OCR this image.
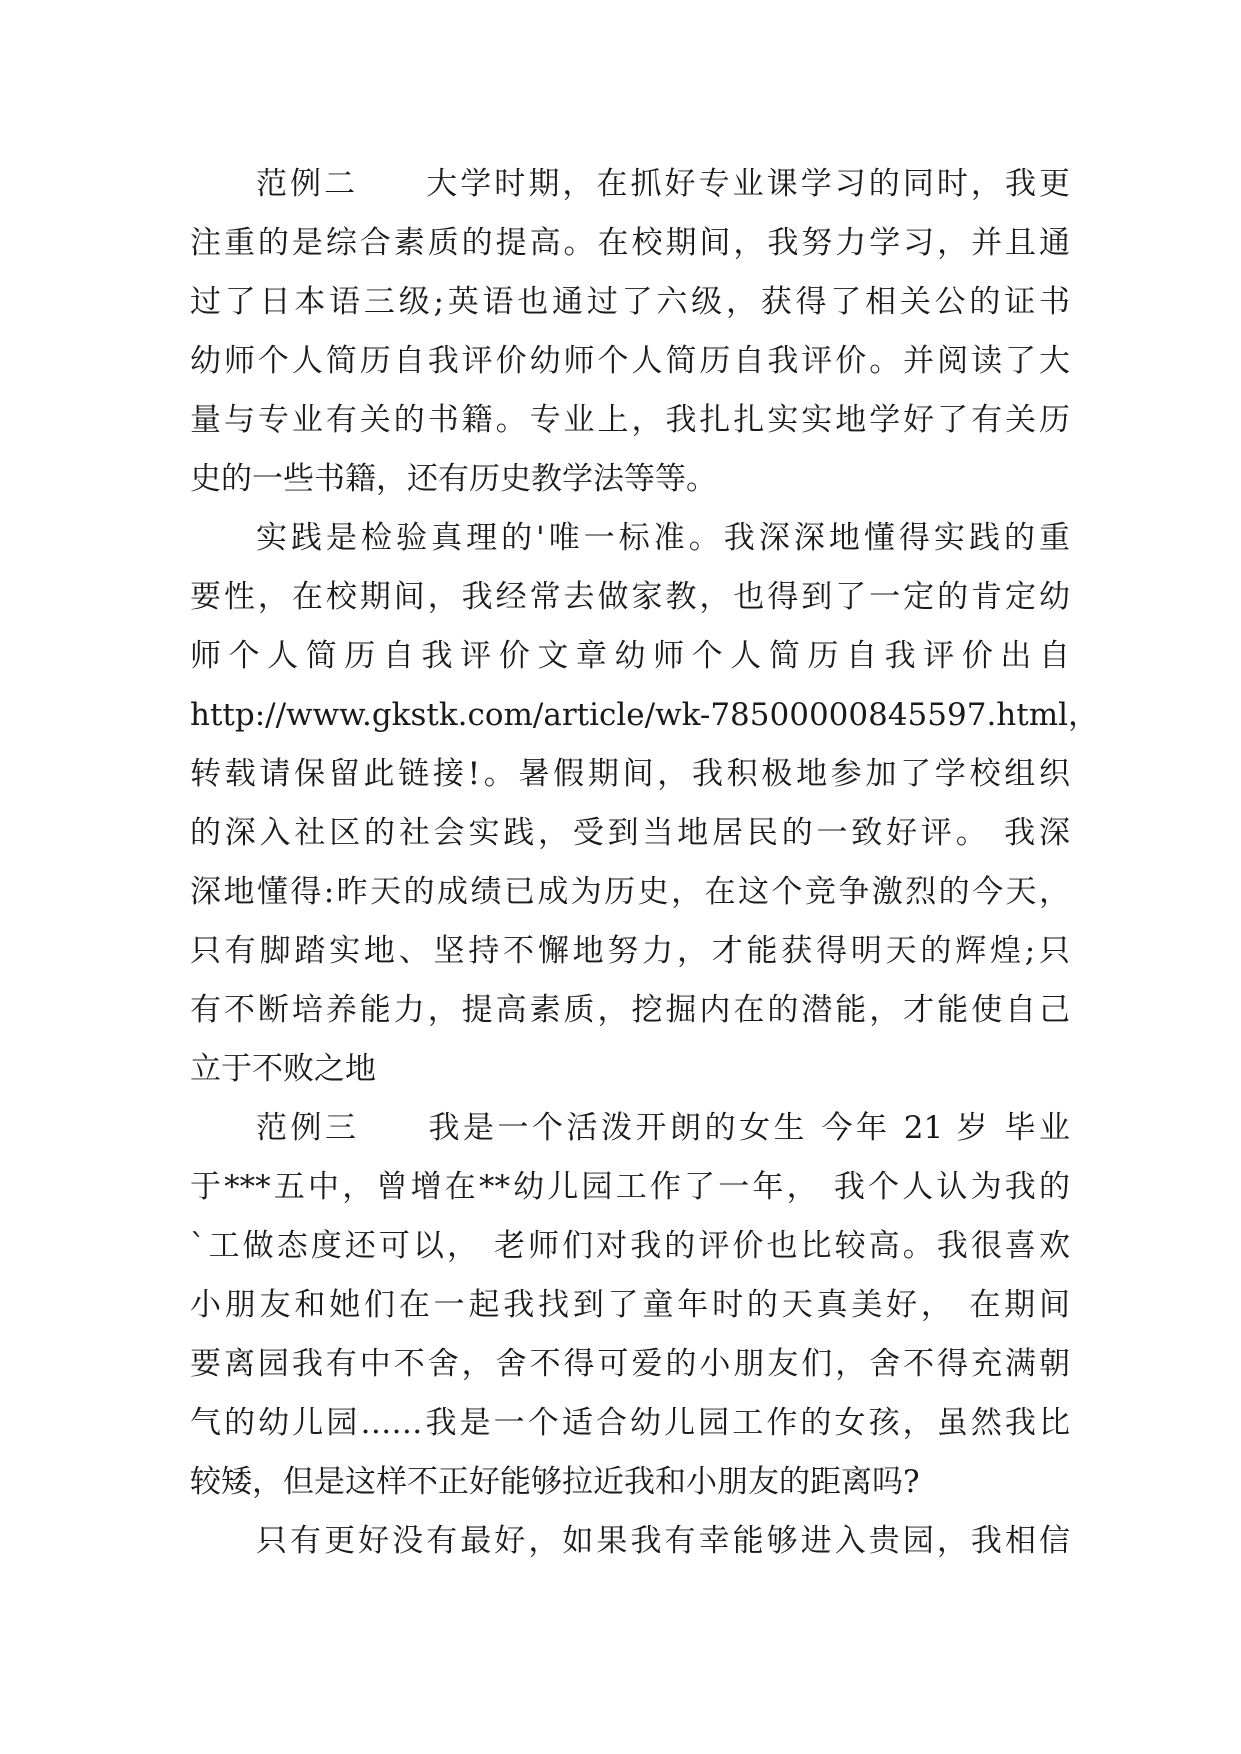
范例二　　大学时期，在抓好专业课学习的同时，我更
注重的是综合素质的提高。在校期间，我努力学习，并且通
过了日本语三级;英语也通过了六级，获得了相关公的证书
幼师个人简历自我评价幼师个人简历自我评价。并阅读了大
量与专业有关的书籍。专业上，我扎扎实实地学好了有关历
史的一些书籍，还有历史教学法等等。
实践是检验真理的'唯一标准。我深深地懂得实践的重
要性，在校期间，我经常去做家教，也得到了一定的肯定幼
师个人简历自我评价文章幼师个人简历自我评价出自
http://www.gkstk.com/article/wk-78500000845597.html，
转载请保留此链接!。暑假期间，我积极地参加了学校组织
的深入社区的社会实践，受到当地居民的一致好评。 我深
深地懂得:昨天的成绩已成为历史，在这个竞争激烈的今天，
只有脚踏实地、坚持不懈地努力，才能获得明天的辉煌;只
有不断培养能力，提高素质，挖掘内在的潜能，才能使自己
立于不败之地
范例三　　我是一个活泼开朗的女生 今年 21 岁 毕业
于***五中，曾增在**幼儿园工作了一年， 我个人认为我的
`工做态度还可以， 老师们对我的评价也比较高。我很喜欢
小朋友和她们在一起我找到了童年时的天真美好， 在期间
要离园我有中不舍，舍不得可爱的小朋友们，舍不得充满朝
气的幼儿园……我是一个适合幼儿园工作的女孩，虽然我比
较矮，但是这样不正好能够拉近我和小朋友的距离吗?
只有更好没有最好，如果我有幸能够进入贵园，我相信
